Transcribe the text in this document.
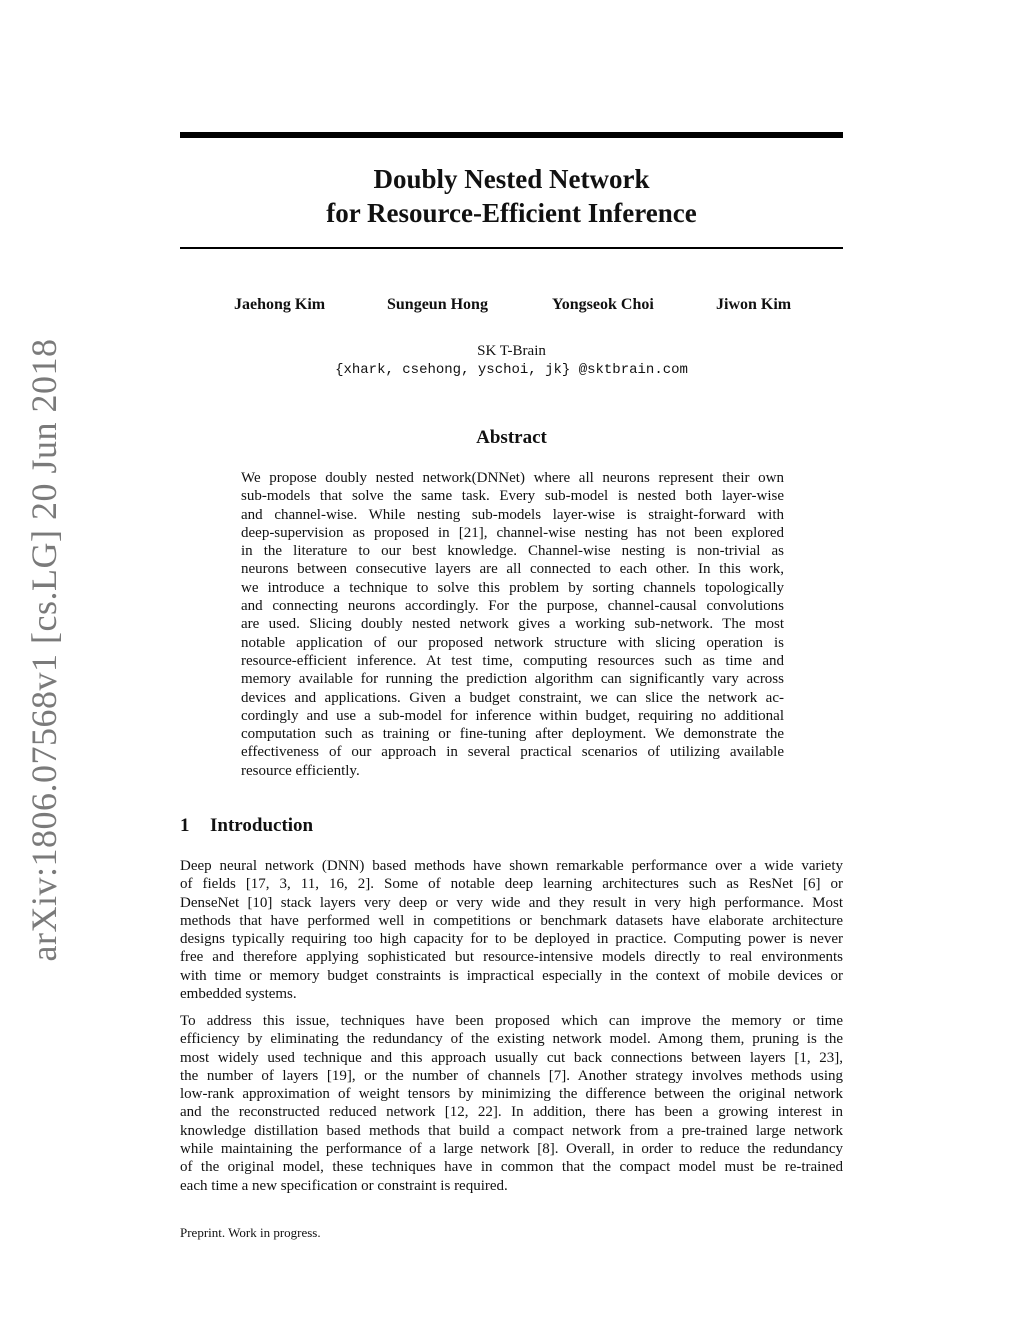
arXiv:1806.07568v1 [cs.LG] 20 Jun 2018
Doubly Nested Network
for Resource-Efficient Inference
Jaehong Kim	Sungeun Hong	Yongseok Choi	Jiwon Kim
SK T-Brain
{xhark, csehong, yschoi, jk} @sktbrain.com
Abstract
We propose doubly nested network(DNNet) where all neurons represent their own
sub-models that solve the same task. Every sub-model is nested both layer-wise
and channel-wise. While nesting sub-models layer-wise is straight-forward with
deep-supervision as proposed in [21], channel-wise nesting has not been explored
in the literature to our best knowledge. Channel-wise nesting is non-trivial as
neurons between consecutive layers are all connected to each other. In this work,
we introduce a technique to solve this problem by sorting channels topologically
and connecting neurons accordingly. For the purpose, channel-causal convolutions
are used. Slicing doubly nested network gives a working sub-network. The most
notable application of our proposed network structure with slicing operation is
resource-efficient inference. At test time, computing resources such as time and
memory available for running the prediction algorithm can significantly vary across
devices and applications. Given a budget constraint, we can slice the network ac-
cordingly and use a sub-model for inference within budget, requiring no additional
computation such as training or fine-tuning after deployment. We demonstrate the
effectiveness of our approach in several practical scenarios of utilizing available
resource efficiently.
1 Introduction
Deep neural network (DNN) based methods have shown remarkable performance over a wide variety
of fields [17, 3, 11, 16, 2]. Some of notable deep learning architectures such as ResNet [6] or
DenseNet [10] stack layers very deep or very wide and they result in very high performance. Most
methods that have performed well in competitions or benchmark datasets have elaborate architecture
designs typically requiring too high capacity for to be deployed in practice. Computing power is never
free and therefore applying sophisticated but resource-intensive models directly to real environments
with time or memory budget constraints is impractical especially in the context of mobile devices or
embedded systems.
To address this issue, techniques have been proposed which can improve the memory or time
efficiency by eliminating the redundancy of the existing network model. Among them, pruning is the
most widely used technique and this approach usually cut back connections between layers [1, 23],
the number of layers [19], or the number of channels [7]. Another strategy involves methods using
low-rank approximation of weight tensors by minimizing the difference between the original network
and the reconstructed reduced network [12, 22]. In addition, there has been a growing interest in
knowledge distillation based methods that build a compact network from a pre-trained large network
while maintaining the performance of a large network [8]. Overall, in order to reduce the redundancy
of the original model, these techniques have in common that the compact model must be re-trained
each time a new specification or constraint is required.
Preprint. Work in progress.
